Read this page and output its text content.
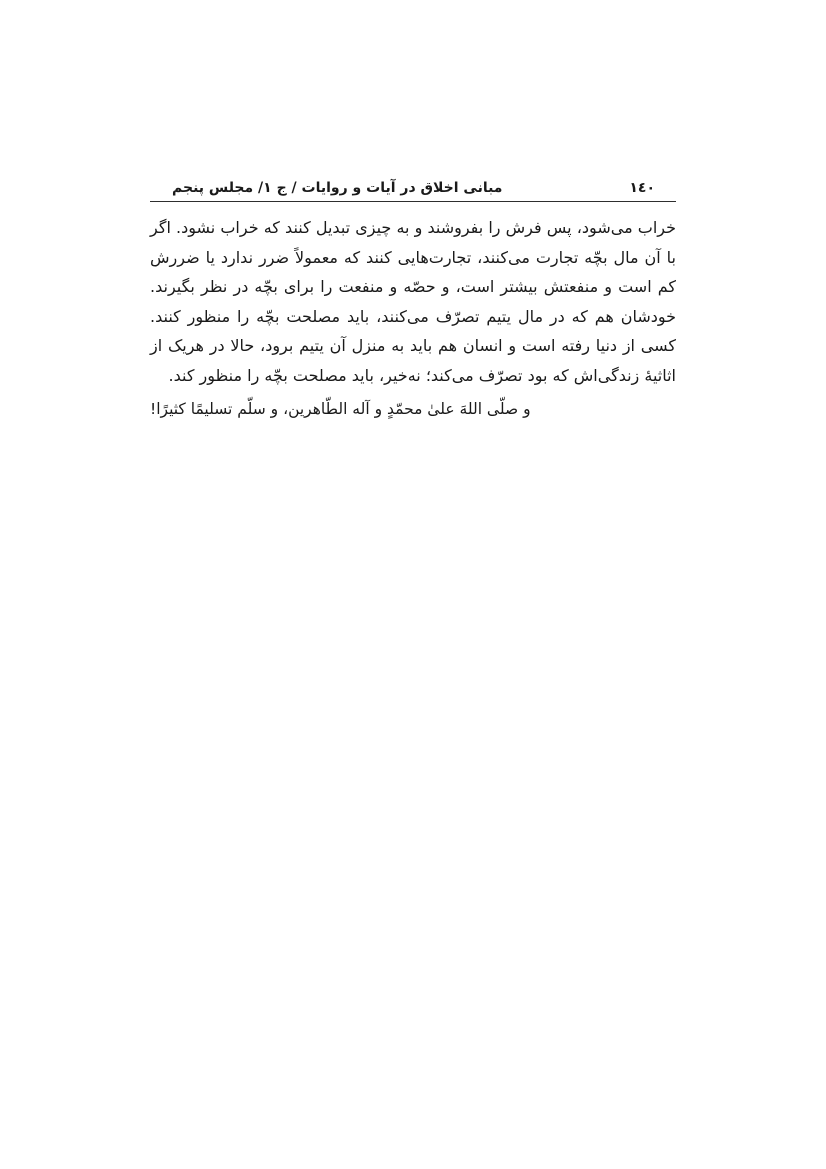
مبانی اخلاق در آیات و روایات / ج ١/ مجلس پنجم	١٤٠
خراب می‌شود، پس فرش را بفروشند و به چیزی تبدیل کنند که خراب نشود. اگر
با آن مال بچّه تجارت می‌کنند، تجارت‌هایی کنند که معمولاً ضرر ندارد یا ضررش
کم است و منفعتش بیشتر است، و حصّه و منفعت را برای بچّه در نظر بگیرند.
خودشان هم که در مال یتیم تصرّف می‌کنند، باید مصلحت بچّه را منظور کنند.
کسی از دنیا رفته است و انسان هم باید به منزل آن یتیم برود، حالا در هریک از
اثاثیهٔ زندگی‌اش که بود تصرّف می‌کند؛ نه‌خیر، باید مصلحت بچّه را منظور کند.
و صلّی اللهَ علیٰ محمّدٍ و آله الطّاهرین، و سلّم تسلیمًا کثیرًا!
